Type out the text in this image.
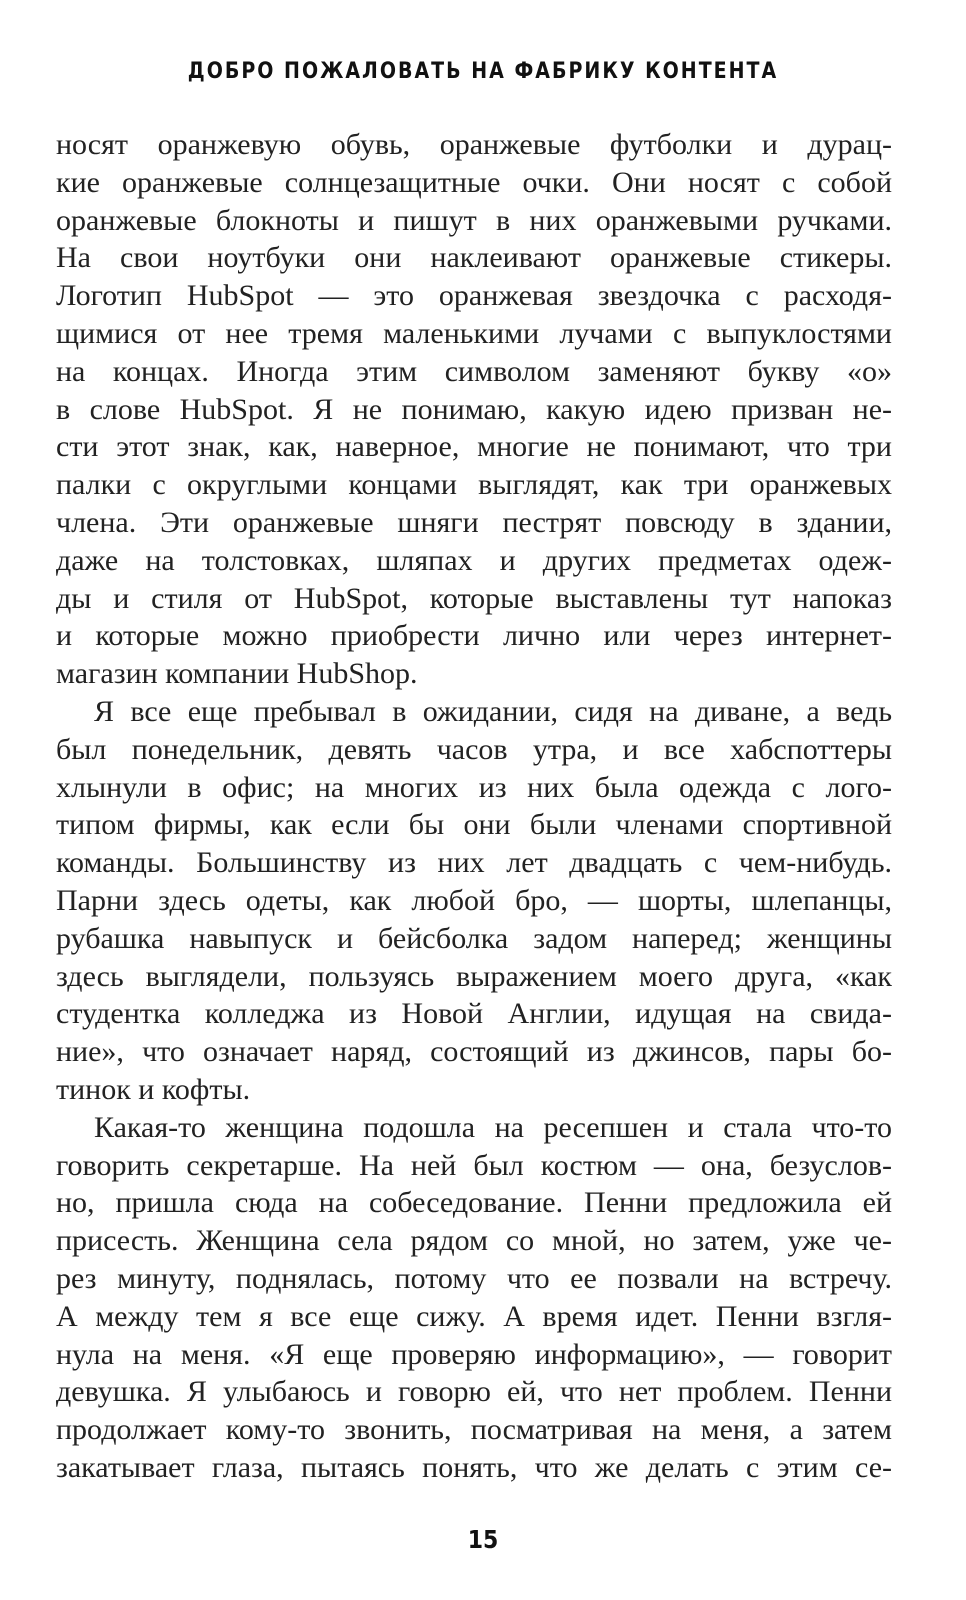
ДОБРО ПОЖАЛОВАТЬ НА ФАБРИКУ КОНТЕНТА
носят оранжевую обувь, оранжевые футболки и дурац-
кие оранжевые солнцезащитные очки. Они носят с собой
оранжевые блокноты и пишут в них оранжевыми ручками.
На свои ноутбуки они наклеивают оранжевые стикеры.
Логотип HubSpot — это оранжевая звездочка с расходя-
щимися от нее тремя маленькими лучами с выпуклостями
на концах. Иногда этим символом заменяют букву «о»
в слове HubSpot. Я не понимаю, какую идею призван не-
сти этот знак, как, наверное, многие не понимают, что три
палки с округлыми концами выглядят, как три оранжевых
члена. Эти оранжевые шняги пестрят повсюду в здании,
даже на толстовках, шляпах и других предметах одеж-
ды и стиля от HubSpot, которые выставлены тут напоказ
и которые можно приобрести лично или через интернет-
магазин компании HubShop.
Я все еще пребывал в ожидании, сидя на диване, а ведь
был понедельник, девять часов утра, и все хабспоттеры
хлынули в офис; на многих из них была одежда с лого-
типом фирмы, как если бы они были членами спортивной
команды. Большинству из них лет двадцать с чем-нибудь.
Парни здесь одеты, как любой бро, — шорты, шлепанцы,
рубашка навыпуск и бейсболка задом наперед; женщины
здесь выглядели, пользуясь выражением моего друга, «как
студентка колледжа из Новой Англии, идущая на свида-
ние», что означает наряд, состоящий из джинсов, пары бо-
тинок и кофты.
Какая-то женщина подошла на ресепшен и стала что-то
говорить секретарше. На ней был костюм — она, безуслов-
но, пришла сюда на собеседование. Пенни предложила ей
присесть. Женщина села рядом со мной, но затем, уже че-
рез минуту, поднялась, потому что ее позвали на встречу.
А между тем я все еще сижу. А время идет. Пенни взгля-
нула на меня. «Я еще проверяю информацию», — говорит
девушка. Я улыбаюсь и говорю ей, что нет проблем. Пенни
продолжает кому-то звонить, посматривая на меня, а затем
закатывает глаза, пытаясь понять, что же делать с этим се-
15
